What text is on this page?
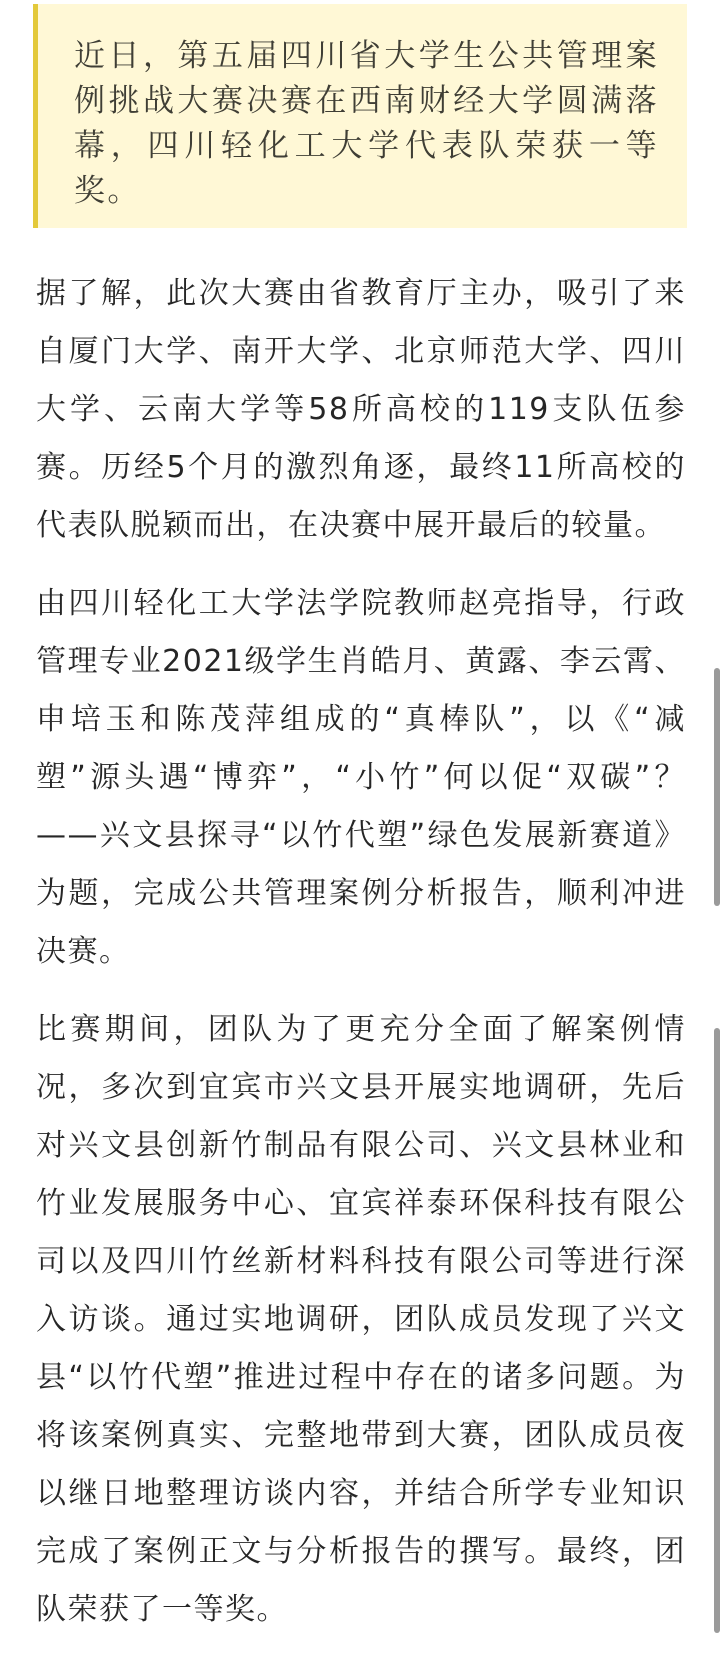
近日，第五届四川省大学生公共管理案例挑战大赛决赛在西南财经大学圆满落幕，四川轻化工大学代表队荣获一等奖。

据了解，此次大赛由省教育厅主办，吸引了来自厦门大学、南开大学、北京师范大学、四川大学、云南大学等58所高校的119支队伍参赛。历经5个月的激烈角逐，最终11所高校的代表队脱颖而出，在决赛中展开最后的较量。

由四川轻化工大学法学院教师赵亮指导，行政管理专业2021级学生肖皓月、黄露、李云霄、申培玉和陈茂萍组成的“真棒队”，以《“减塑”源头遇“博弈”，“小竹”何以促“双碳”？——兴文县探寻“以竹代塑”绿色发展新赛道》为题，完成公共管理案例分析报告，顺利冲进决赛。

比赛期间，团队为了更充分全面了解案例情况，多次到宜宾市兴文县开展实地调研，先后对兴文县创新竹制品有限公司、兴文县林业和竹业发展服务中心、宜宾祥泰环保科技有限公司以及四川竹丝新材料科技有限公司等进行深入访谈。通过实地调研，团队成员发现了兴文县“以竹代塑”推进过程中存在的诸多问题。为将该案例真实、完整地带到大赛，团队成员夜以继日地整理访谈内容，并结合所学专业知识完成了案例正文与分析报告的撰写。最终，团队荣获了一等奖。
